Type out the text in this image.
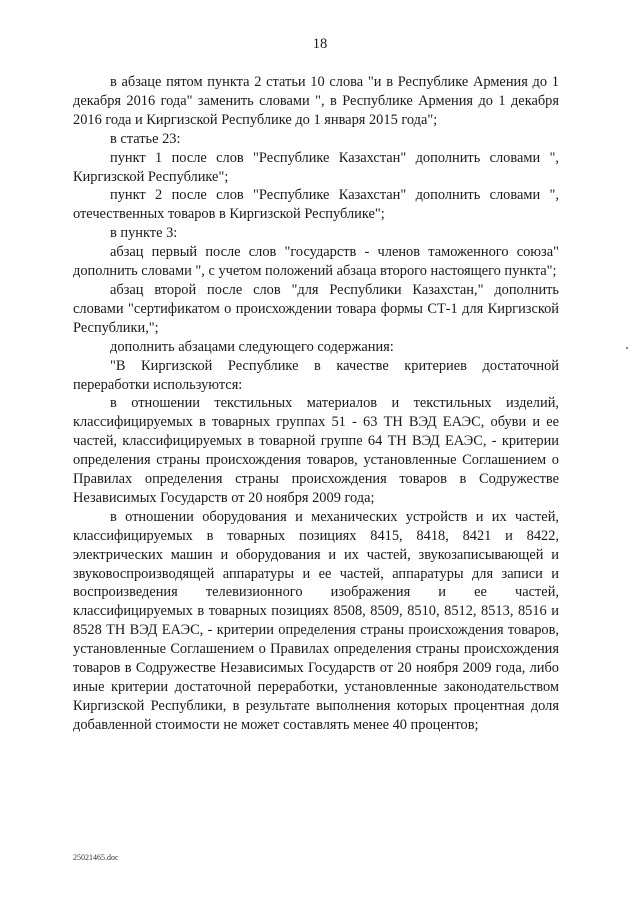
18

в абзаце пятом пункта 2 статьи 10 слова "и в Республике Армения до 1 декабря 2016 года" заменить словами ", в Республике Армения до 1 декабря 2016 года и Киргизской Республике до 1 января 2015 года";

в статье 23:

пункт 1 после слов "Республике Казахстан" дополнить словами ", Киргизской Республике";

пункт 2 после слов "Республике Казахстан" дополнить словами ", отечественных товаров в Киргизской Республике";

в пункте 3:

абзац первый после слов "государств - членов таможенного союза" дополнить словами ", с учетом положений абзаца второго настоящего пункта";

абзац второй после слов "для Республики Казахстан," дополнить словами "сертификатом о происхождении товара формы СТ-1 для Киргизской Республики,";

дополнить абзацами следующего содержания:

"В Киргизской Республике в качестве критериев достаточной переработки используются:

в отношении текстильных материалов и текстильных изделий, классифицируемых в товарных группах 51 - 63 ТН ВЭД ЕАЭС, обуви и ее частей, классифицируемых в товарной группе 64 ТН ВЭД ЕАЭС, - критерии определения страны происхождения товаров, установленные Соглашением о Правилах определения страны происхождения товаров в Содружестве Независимых Государств от 20 ноября 2009 года;

в отношении оборудования и механических устройств и их частей, классифицируемых в товарных позициях 8415, 8418, 8421 и 8422, электрических машин и оборудования и их частей, звукозаписывающей и звуковоспроизводящей аппаратуры и ее частей, аппаратуры для записи и воспроизведения телевизионного изображения и ее частей, классифицируемых в товарных позициях 8508, 8509, 8510, 8512, 8513, 8516 и 8528 ТН ВЭД ЕАЭС, - критерии определения страны происхождения товаров, установленные Соглашением о Правилах определения страны происхождения товаров в Содружестве Независимых Государств от 20 ноября 2009 года, либо иные критерии достаточной переработки, установленные законодательством Киргизской Республики, в результате выполнения которых процентная доля добавленной стоимости не может составлять менее 40 процентов;

25021465.doc
